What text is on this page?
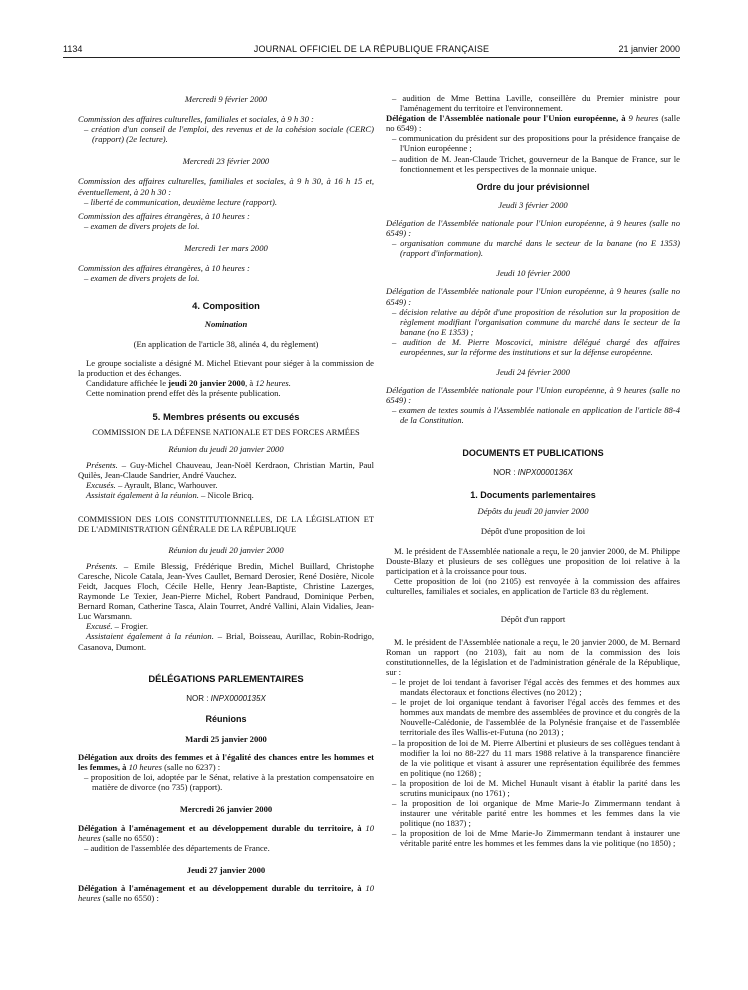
1134	JOURNAL OFFICIEL DE LA RÉPUBLIQUE FRANÇAISE	21 janvier 2000

Mercredi 9 février 2000

Commission des affaires culturelles, familiales et sociales, à 9 h 30 :

– création d'un conseil de l'emploi, des revenus et de la cohésion sociale (CERC) (rapport) (2e lecture).

Mercredi 23 février 2000

Commission des affaires culturelles, familiales et sociales, à 9 h 30, à 16 h 15 et, éventuellement, à 20 h 30 :

– liberté de communication, deuxième lecture (rapport).

Commission des affaires étrangères, à 10 heures :

– examen de divers projets de loi.

Mercredi 1er mars 2000

Commission des affaires étrangères, à 10 heures :

– examen de divers projets de loi.

4. Composition

Nomination

(En application de l'article 38, alinéa 4, du règlement)

Le groupe socialiste a désigné M. Michel Etievant pour siéger à la commission de la production et des échanges.

Candidature affichée le jeudi 20 janvier 2000, à 12 heures.

Cette nomination prend effet dès la présente publication.

5. Membres présents ou excusés

COMMISSION DE LA DÉFENSE NATIONALE ET DES FORCES ARMÉES

Réunion du jeudi 20 janvier 2000

Présents. – Guy-Michel Chauveau, Jean-Noël Kerdraon, Christian Martin, Paul Quilès, Jean-Claude Sandrier, André Vauchez.

Excusés. – Ayrault, Blanc, Warhouver.

Assistait également à la réunion. – Nicole Bricq.

COMMISSION DES LOIS CONSTITUTIONNELLES, DE LA LÉGISLATION ET DE L'ADMINISTRATION GÉNÉRALE DE LA RÉPUBLIQUE

Réunion du jeudi 20 janvier 2000

Présents. – Emile Blessig, Frédérique Bredin, Michel Buillard, Christophe Caresche, Nicole Catala, Jean-Yves Caullet, Bernard Derosier, René Dosière, Nicole Feidt, Jacques Floch, Cécile Helle, Henry Jean-Baptiste, Christine Lazerges, Raymonde Le Texier, Jean-Pierre Michel, Robert Pandraud, Dominique Perben, Bernard Roman, Catherine Tasca, Alain Tourret, André Vallini, Alain Vidalies, Jean-Luc Warsmann.

Excusé. – Frogier.

Assistaient également à la réunion. – Brial, Boisseau, Aurillac, Robin-Rodrigo, Casanova, Dumont.

DÉLÉGATIONS PARLEMENTAIRES

NOR : INPX0000135X

Réunions

Mardi 25 janvier 2000

Délégation aux droits des femmes et à l'égalité des chances entre les hommes et les femmes, à 10 heures (salle no 6237) :

– proposition de loi, adoptée par le Sénat, relative à la prestation compensatoire en matière de divorce (no 735) (rapport).

Mercredi 26 janvier 2000

Délégation à l'aménagement et au développement durable du territoire, à 10 heures (salle no 6550) :

– audition de l'assemblée des départements de France.

Jeudi 27 janvier 2000

Délégation à l'aménagement et au développement durable du territoire, à 10 heures (salle no 6550) :

– audition de Mme Bettina Laville, conseillère du Premier ministre pour l'aménagement du territoire et l'environnement.

Délégation de l'Assemblée nationale pour l'Union européenne, à 9 heures (salle no 6549) :

– communication du président sur des propositions pour la présidence française de l'Union européenne ;

– audition de M. Jean-Claude Trichet, gouverneur de la Banque de France, sur le fonctionnement et les perspectives de la monnaie unique.

Ordre du jour prévisionnel

Jeudi 3 février 2000

Délégation de l'Assemblée nationale pour l'Union européenne, à 9 heures (salle no 6549) :

– organisation commune du marché dans le secteur de la banane (no E 1353) (rapport d'information).

Jeudi 10 février 2000

Délégation de l'Assemblée nationale pour l'Union européenne, à 9 heures (salle no 6549) :

– décision relative au dépôt d'une proposition de résolution sur la proposition de règlement modifiant l'organisation commune du marché dans le secteur de la banane (no E 1353) ;

– audition de M. Pierre Moscovici, ministre délégué chargé des affaires européennes, sur la réforme des institutions et sur la défense européenne.

Jeudi 24 février 2000

Délégation de l'Assemblée nationale pour l'Union européenne, à 9 heures (salle no 6549) :

– examen de textes soumis à l'Assemblée nationale en application de l'article 88-4 de la Constitution.

DOCUMENTS ET PUBLICATIONS

NOR : INPX0000136X

1. Documents parlementaires

Dépôts du jeudi 20 janvier 2000

Dépôt d'une proposition de loi

M. le président de l'Assemblée nationale a reçu, le 20 janvier 2000, de M. Philippe Douste-Blazy et plusieurs de ses collègues une proposition de loi relative à la participation et à la croissance pour tous.

Cette proposition de loi (no 2105) est renvoyée à la commission des affaires culturelles, familiales et sociales, en application de l'article 83 du règlement.

Dépôt d'un rapport

M. le président de l'Assemblée nationale a reçu, le 20 janvier 2000, de M. Bernard Roman un rapport (no 2103), fait au nom de la commission des lois constitutionnelles, de la législation et de l'administration générale de la République, sur :

– le projet de loi tendant à favoriser l'égal accès des femmes et des hommes aux mandats électoraux et fonctions électives (no 2012) ;

– le projet de loi organique tendant à favoriser l'égal accès des femmes et des hommes aux mandats de membre des assemblées de province et du congrès de la Nouvelle-Calédonie, de l'assemblée de la Polynésie française et de l'assemblée territoriale des îles Wallis-et-Futuna (no 2013) ;

– la proposition de loi de M. Pierre Albertini et plusieurs de ses collègues tendant à modifier la loi no 88-227 du 11 mars 1988 relative à la transparence financière de la vie politique et visant à assurer une représentation équilibrée des femmes en politique (no 1268) ;

– la proposition de loi de M. Michel Hunault visant à établir la parité dans les scrutins municipaux (no 1761) ;

– la proposition de loi organique de Mme Marie-Jo Zimmermann tendant à instaurer une véritable parité entre les hommes et les femmes dans la vie politique (no 1837) ;

– la proposition de loi de Mme Marie-Jo Zimmermann tendant à instaurer une véritable parité entre les hommes et les femmes dans la vie politique (no 1850) ;
